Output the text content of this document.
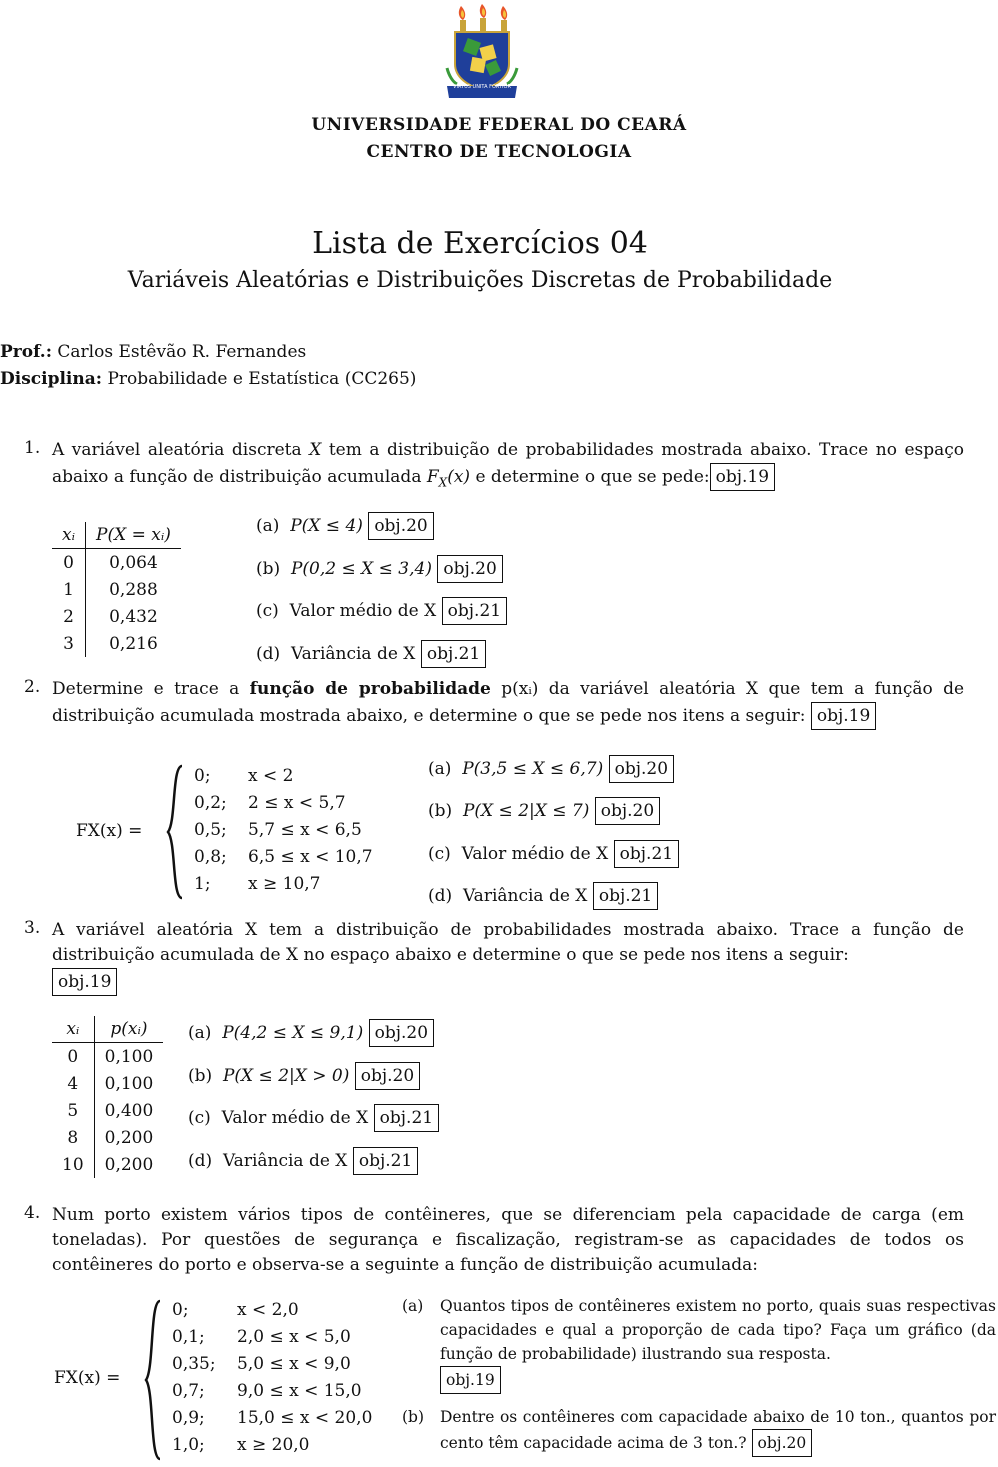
VIRTUS UNITA FORTIOR
UNIVERSIDADE FEDERAL DO CEARÁ
CENTRO DE TECNOLOGIA
Lista de Exercícios 04
Variáveis Aleatórias e Distribuições Discretas de Probabilidade
Prof.: Carlos Estêvão R. Fernandes
Disciplina: Probabilidade e Estatística (CC265)
1. A variável aleatória discreta X tem a distribuição de probabilidades mostrada abaixo. Trace no espaço abaixo a função de distribuição acumulada $F_X(x)$ e determine o que se pede: obj.19
xᵢ	P(X = xᵢ)
0	0,064
1	0,288
2	0,432
3	0,216
(a) P(X ≤ 4) obj.20
(b) P(0,2 ≤ X ≤ 3,4) obj.20
(c) Valor médio de X obj.21
(d) Variância de X obj.21
2. Determine e trace a função de probabilidade p(xᵢ) da variável aleatória X que tem a função de distribuição acumulada mostrada abaixo, e determine o que se pede nos itens a seguir: obj.19
FX(x) =
0; x < 2
0,2; 2 ≤ x < 5,7
0,5; 5,7 ≤ x < 6,5
0,8; 6,5 ≤ x < 10,7
1; x ≥ 10,7
(a) P(3,5 ≤ X ≤ 6,7) obj.20
(b) P(X ≤ 2|X ≤ 7) obj.20
(c) Valor médio de X obj.21
(d) Variância de X obj.21
3. A variável aleatória X tem a distribuição de probabilidades mostrada abaixo. Trace a função de distribuição acumulada de X no espaço abaixo e determine o que se pede nos itens a seguir:
obj.19
xᵢ	p(xᵢ)
0	0,100
4	0,100
5	0,400
8	0,200
10	0,200
(a) P(4,2 ≤ X ≤ 9,1) obj.20
(b) P(X ≤ 2|X > 0) obj.20
(c) Valor médio de X obj.21
(d) Variância de X obj.21
4. Num porto existem vários tipos de contêineres, que se diferenciam pela capacidade de carga (em toneladas). Por questões de segurança e fiscalização, registram-se as capacidades de todos os contêineres do porto e observa-se a seguinte a função de distribuição acumulada:
FX(x) =
0;	x < 2,0
0,1; 2,0 ≤ x < 5,0
0,35; 5,0 ≤ x < 9,0
0,7; 9,0 ≤ x < 15,0
0,9; 15,0 ≤ x < 20,0
1,0; x ≥ 20,0
(a) Quantos tipos de contêineres existem no porto, quais suas respectivas capacidades e qual a proporção de cada tipo? Faça um gráfico (da função de probabilidade) ilustrando sua resposta.
obj.19
(b) Dentre os contêineres com capacidade abaixo de 10 ton., quantos por cento têm capacidade acima de 3 ton.? obj.20
